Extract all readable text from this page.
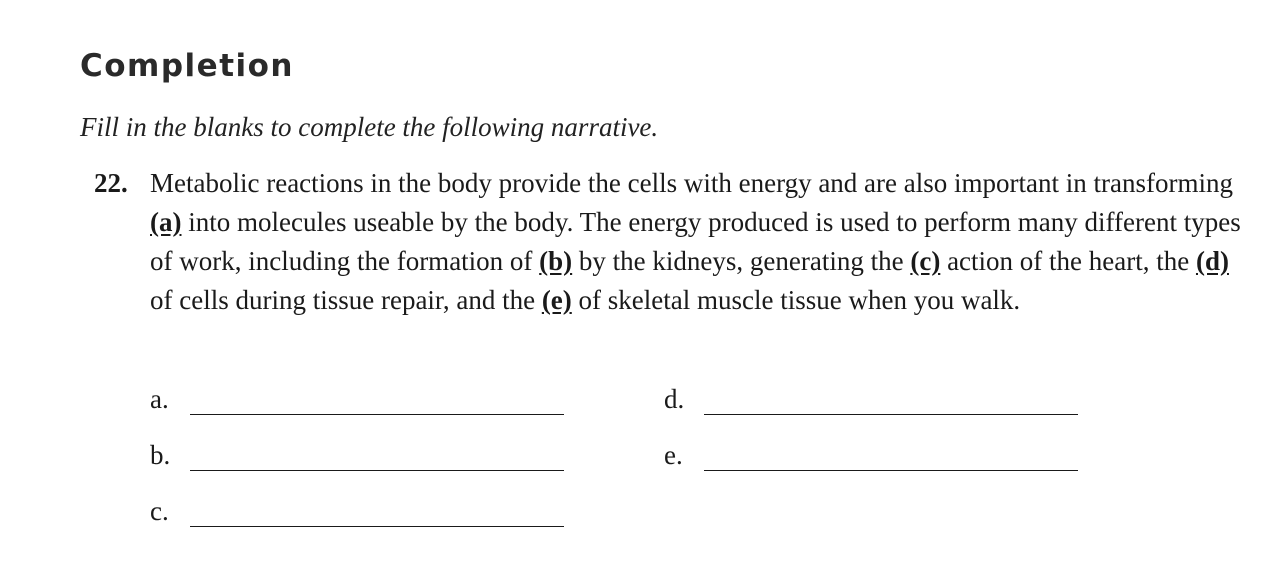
Completion

Fill in the blanks to complete the following narrative.

22. Metabolic reactions in the body provide the cells with energy and are also important in transforming (a) into molecules useable by the body. The energy produced is used to perform many different types of work, including the formation of (b) by the kidneys, generating the (c) action of the heart, the (d) of cells during tissue repair, and the (e) of skeletal muscle tissue when you walk.

a.
b.
c.
d.
e.
